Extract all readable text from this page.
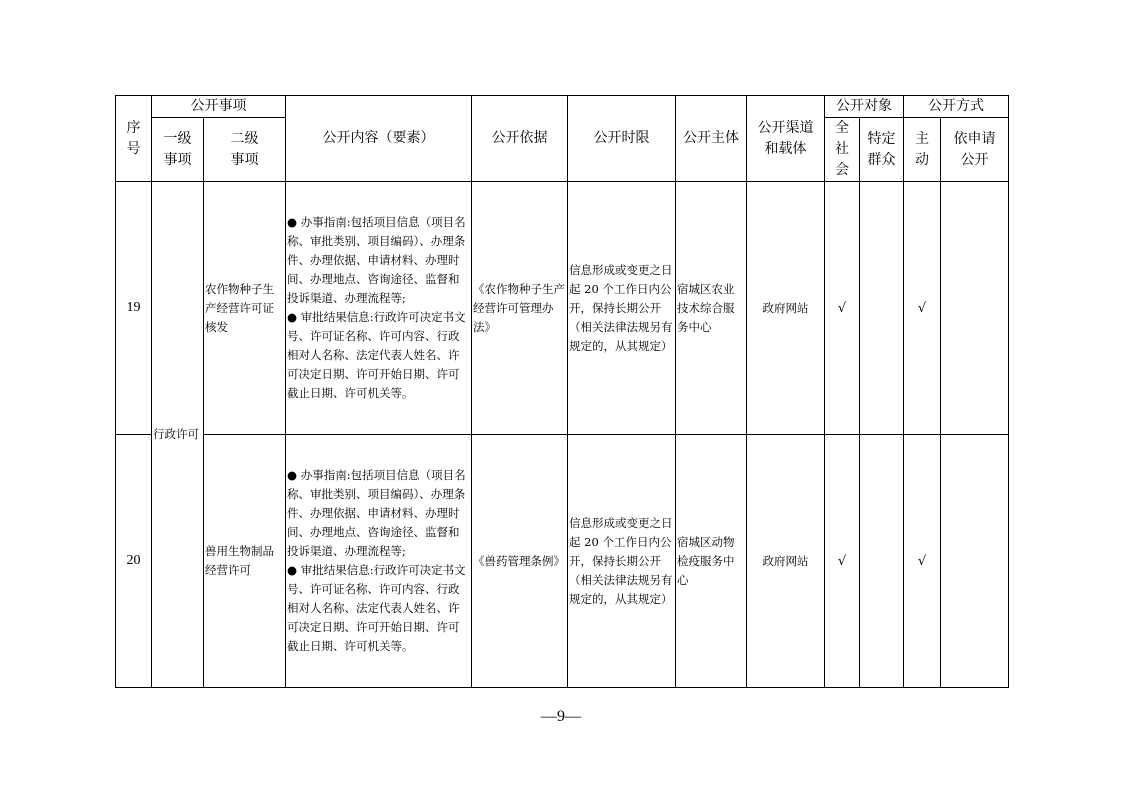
序号	公开事项		公开内容（要素）	公开依据	公开时限	公开主体	公开渠道和载体	公开对象		公开方式	

	一级事项	二级事项						全社会	特定群众	主动	依申请公开

19	行政许可	农作物种子生产经营许可证核发	● 办事指南:包括项目信息（项目名称、审批类别、项目编码）、办理条件、办理依据、申请材料、办理时间、办理地点、咨询途径、监督和投诉渠道、办理流程等;

● 审批结果信息:行政许可决定书文号、许可证名称、许可内容、行政相对人名称、法定代表人姓名、许可决定日期、许可开始日期、许可截止日期、许可机关等。	《农作物种子生产经营许可管理办法》	信息形成或变更之日起 20 个工作日内公开，保持长期公开（相关法律法规另有规定的，从其规定）	宿城区农业技术综合服务中心	政府网站	√		√	
20		兽用生物制品经营许可	● 办事指南:包括项目信息（项目名称、审批类别、项目编码）、办理条件、办理依据、申请材料、办理时间、办理地点、咨询途径、监督和投诉渠道、办理流程等;

● 审批结果信息:行政许可决定书文号、许可证名称、许可内容、行政相对人名称、法定代表人姓名、许可决定日期、许可开始日期、许可截止日期、许可机关等。	《兽药管理条例》	信息形成或变更之日起 20 个工作日内公开，保持长期公开（相关法律法规另有规定的，从其规定）	宿城区动物检疫服务中心	政府网站	√		√	
—9—
